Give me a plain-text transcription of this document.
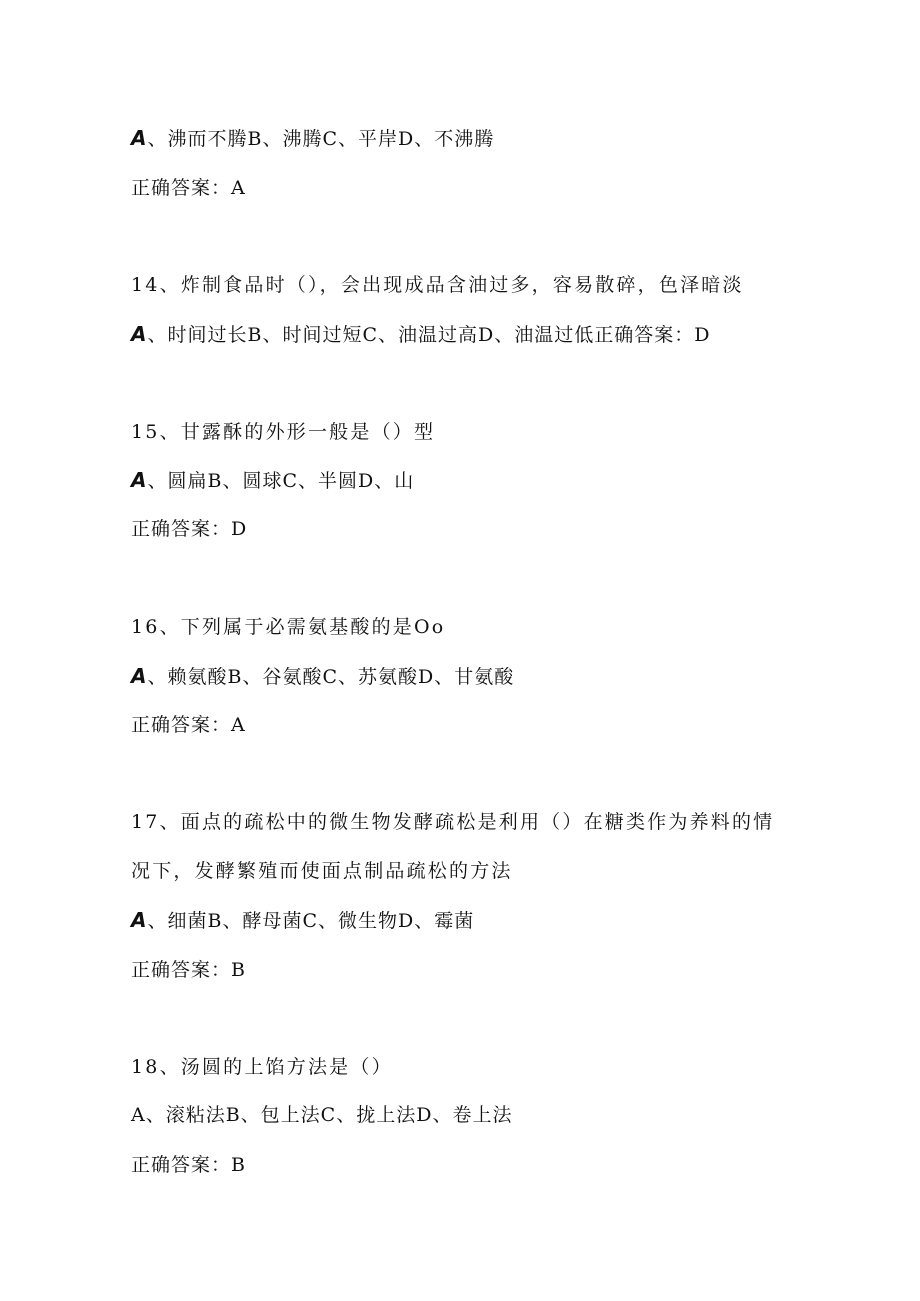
A、沸而不腾B、沸腾C、平岸D、不沸腾
正确答案：A
14、炸制食品时（），会出现成品含油过多，容易散碎，色泽暗淡
A、时间过长B、时间过短C、油温过高D、油温过低正确答案：D
15、甘露酥的外形一般是（）型
A、圆扁B、圆球C、半圆D、山
正确答案：D
16、下列属于必需氨基酸的是Oo
A、赖氨酸B、谷氨酸C、苏氨酸D、甘氨酸
正确答案：A
17、面点的疏松中的微生物发酵疏松是利用（）在糖类作为养料的情
况下，发酵繁殖而使面点制品疏松的方法
A、细菌B、酵母菌C、微生物D、霉菌
正确答案：B
18、汤圆的上馅方法是（）
A、滚粘法B、包上法C、拢上法D、卷上法
正确答案：B
